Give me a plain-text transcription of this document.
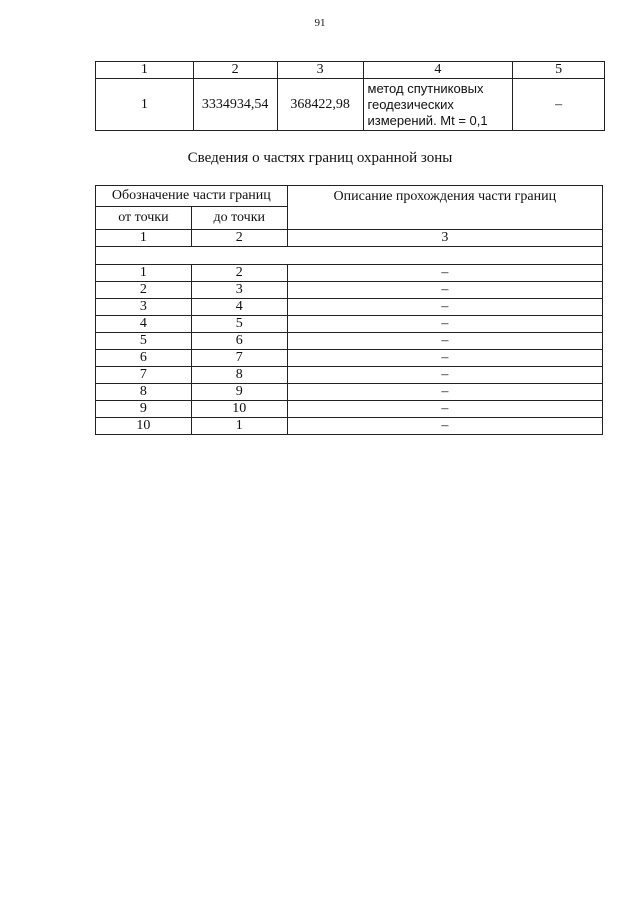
91
1	2	3	4	5
1	3334934,54	368422,98	метод спутниковых
геодезических
измерений. Mt = 0,1	–
Сведения о частях границ охранной зоны
Обозначение части границ		Описание прохождения части границ
от точки	до точки	
1	2	3

1	2	–
2	3	–
3	4	–
4	5	–
5	6	–
6	7	–
7	8	–
8	9	–
9	10	–
10	1	–
